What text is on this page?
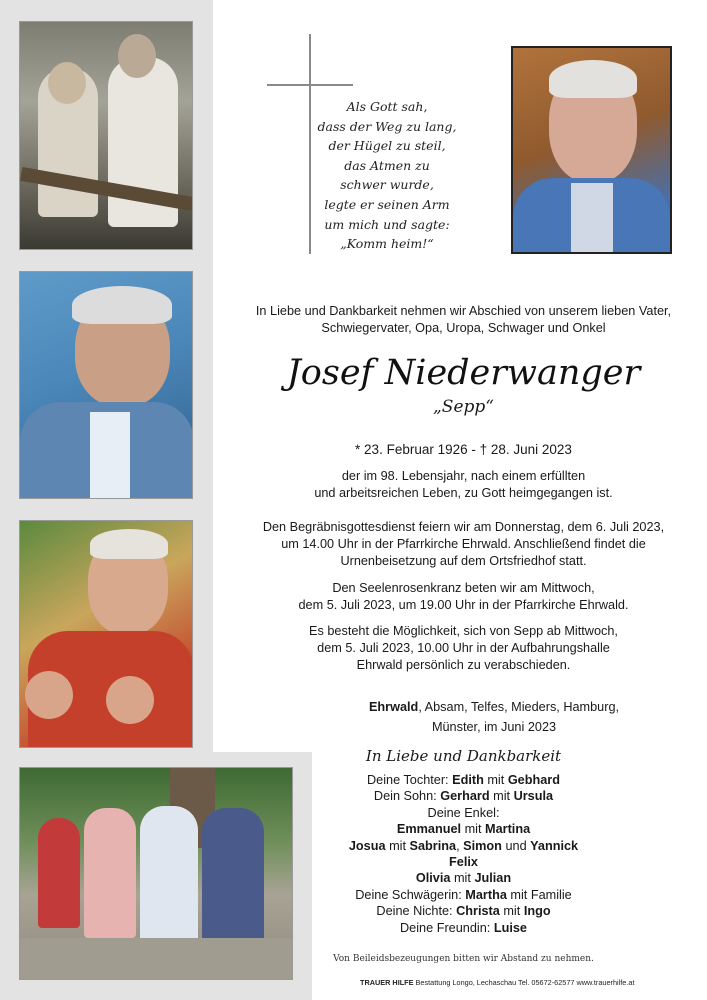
Als Gott sah,
dass der Weg zu lang,
der Hügel zu steil,
das Atmen zu
schwer wurde,
legte er seinen Arm
um mich und sagte:
„Komm heim!“
In Liebe und Dankbarkeit nehmen wir Abschied von unserem lieben Vater,
Schwiegervater, Opa, Uropa, Schwager und Onkel
Josef Niederwanger
„Sepp“
* 23. Februar 1926 - † 28. Juni 2023
der im 98. Lebensjahr, nach einem erfüllten
und arbeitsreichen Leben, zu Gott heimgegangen ist.
Den Begräbnisgottesdienst feiern wir am Donnerstag, dem 6. Juli 2023,
um 14.00 Uhr in der Pfarrkirche Ehrwald. Anschließend findet die
Urnenbeisetzung auf dem Ortsfriedhof statt.
Den Seelenrosenkranz beten wir am Mittwoch,
dem 5. Juli 2023, um 19.00 Uhr in der Pfarrkirche Ehrwald.
Es besteht die Möglichkeit, sich von Sepp ab Mittwoch,
dem 5. Juli 2023, 10.00 Uhr in der Aufbahrungshalle
Ehrwald persönlich zu verabschieden.
Ehrwald, Absam, Telfes, Mieders, Hamburg,
Münster, im Juni 2023
In Liebe und Dankbarkeit
Deine Tochter: Edith mit Gebhard
Dein Sohn: Gerhard mit Ursula
Deine Enkel:
Emmanuel mit Martina
Josua mit Sabrina, Simon und Yannick
Felix
Olivia mit Julian
Deine Schwägerin: Martha mit Familie
Deine Nichte: Christa mit Ingo
Deine Freundin: Luise
Von Beileidsbezeugungen bitten wir Abstand zu nehmen.
TRAUER HILFE Bestattung Longo, Lechaschau Tel. 05672-62577 www.trauerhilfe.at
